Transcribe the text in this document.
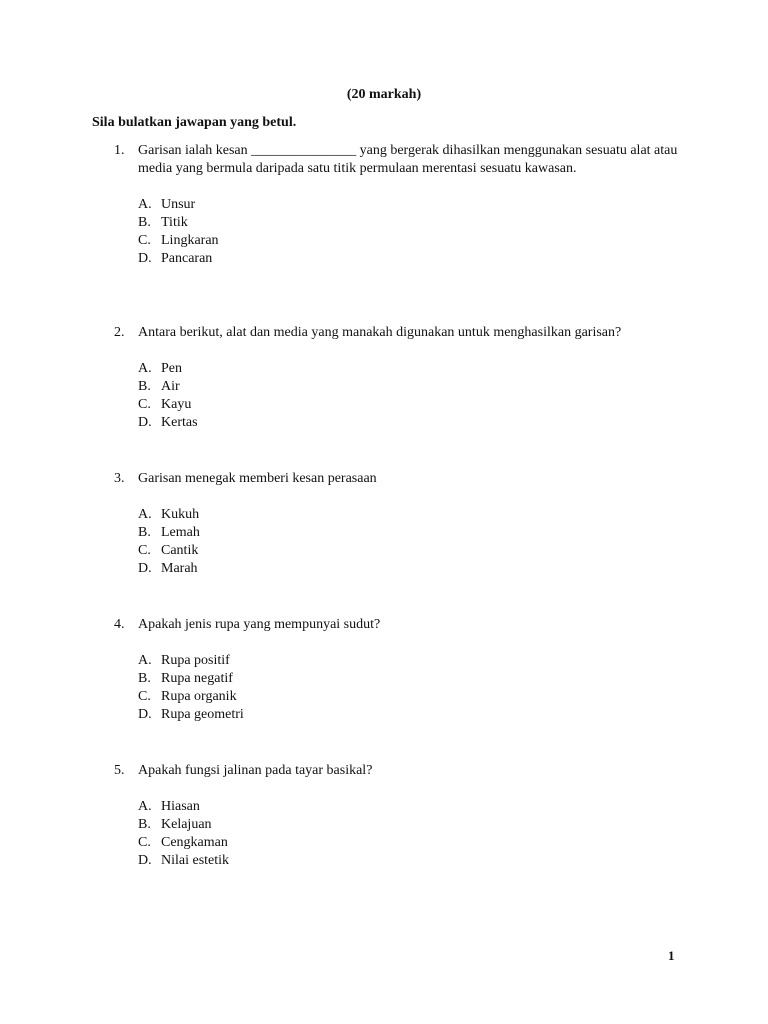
(20 markah)
Sila bulatkan jawapan yang betul.
1. Garisan ialah kesan _______________ yang bergerak dihasilkan menggunakan sesuatu alat atau media yang bermula daripada satu titik permulaan merentasi sesuatu kawasan.
A. Unsur
B. Titik
C. Lingkaran
D. Pancaran
2. Antara berikut, alat dan media yang manakah digunakan untuk menghasilkan garisan?
A. Pen
B. Air
C. Kayu
D. Kertas
3. Garisan menegak memberi kesan perasaan
A. Kukuh
B. Lemah
C. Cantik
D. Marah
4. Apakah jenis rupa yang mempunyai sudut?
A. Rupa positif
B. Rupa negatif
C. Rupa organik
D. Rupa geometri
5. Apakah fungsi jalinan pada tayar basikal?
A. Hiasan
B. Kelajuan
C. Cengkaman
D. Nilai estetik
1
